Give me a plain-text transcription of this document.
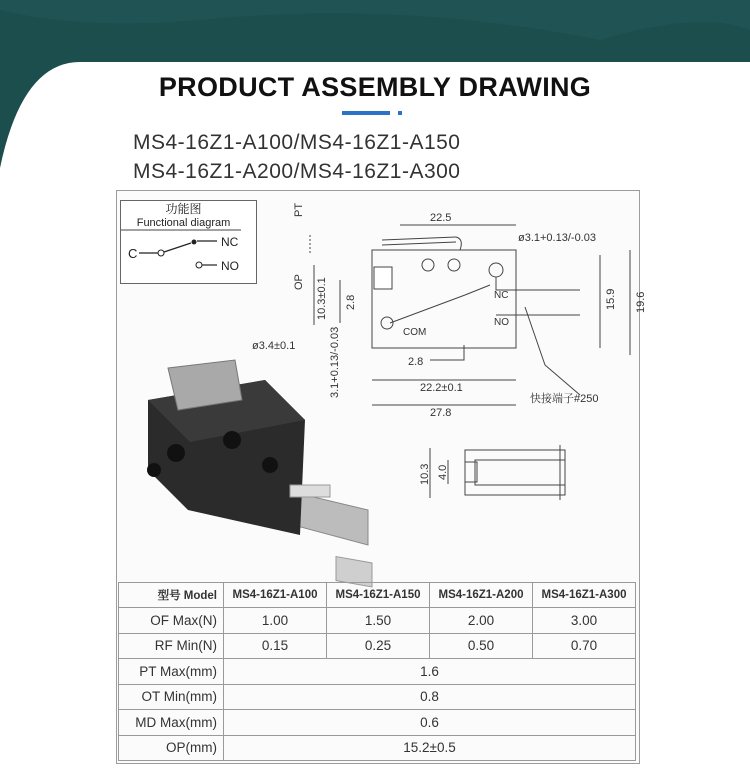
PRODUCT ASSEMBLY DRAWING
MS4-16Z1-A100/MS4-16Z1-A150
MS4-16Z1-A200/MS4-16Z1-A300
功能图
Functional diagram
C
NC
NO
PT
OP
22.5
ø3.1+0.13/-0.03
10.3±0.1 2.8	NC
NO
COM
15.9 19.6
ø3.4±0.1
2.8
3.1+0.13/-0.03	22.2±0.1
27.8
快接端子#250
10.3 4.0
型号 Model	MS4-16Z1-A100	MS4-16Z1-A150	MS4-16Z1-A200	MS4-16Z1-A300
OF Max(N)	1.00	1.50	2.00	3.00
RF Min(N)	0.15	0.25	0.50	0.70
PT Max(mm)	1.6			
OT Min(mm)	0.8			
MD Max(mm)	0.6			
OP(mm)	15.2±0.5			
